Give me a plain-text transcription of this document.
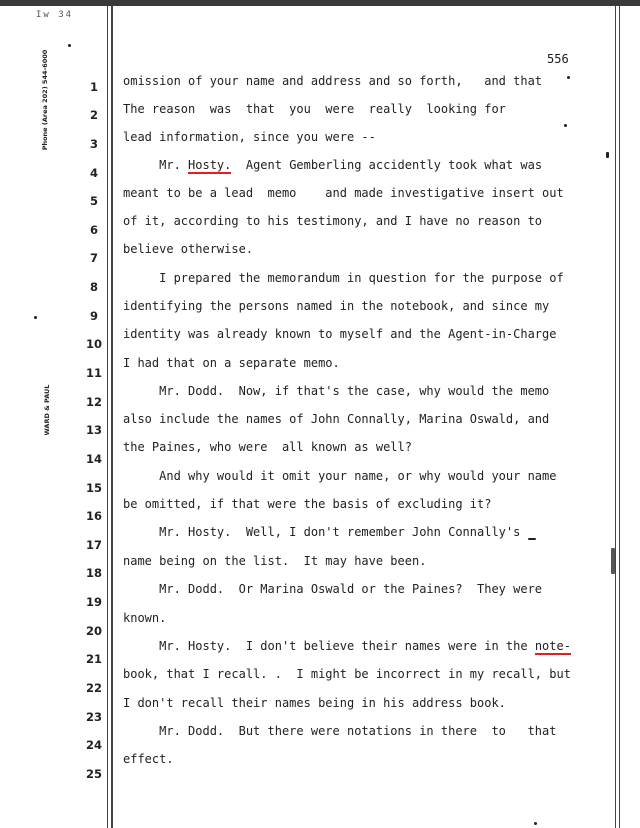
Iw 34
Phone (Area 202) 544-6000
WARD & PAUL
556
1	omission of your name and address and so forth,   and that
2	The reason  was  that  you  were  really  looking for
3	lead information, since you were --
4
Mr. Hosty.  Agent Gemberling accidently took what was
5
meant to be a lead  memo    and made investigative insert out
6
of it, according to his testimony, and I have no reason to
7
believe otherwise.
8
I prepared the memorandum in question for the purpose of
9
identifying the persons named in the notebook, and since my
10
identity was already known to myself and the Agent-in-Charge
11
I had that on a separate memo.
12
Mr. Dodd.  Now, if that's the case, why would the memo
13
also include the names of John Connally, Marina Oswald, and
14
the Paines, who were  all known as well?
15
And why would it omit your name, or why would your name
16
be omitted, if that were the basis of excluding it?
17
Mr. Hosty.  Well, I don't remember John Connally's
18
name being on the list.  It may have been.
19
Mr. Dodd.  Or Marina Oswald or the Paines?  They were
20
known.
21
Mr. Hosty.  I don't believe their names were in the note-
22
book, that I recall. .  I might be incorrect in my recall, but
23
I don't recall their names being in his address book.
24
Mr. Dodd.  But there were notations in there  to   that
25
effect.
